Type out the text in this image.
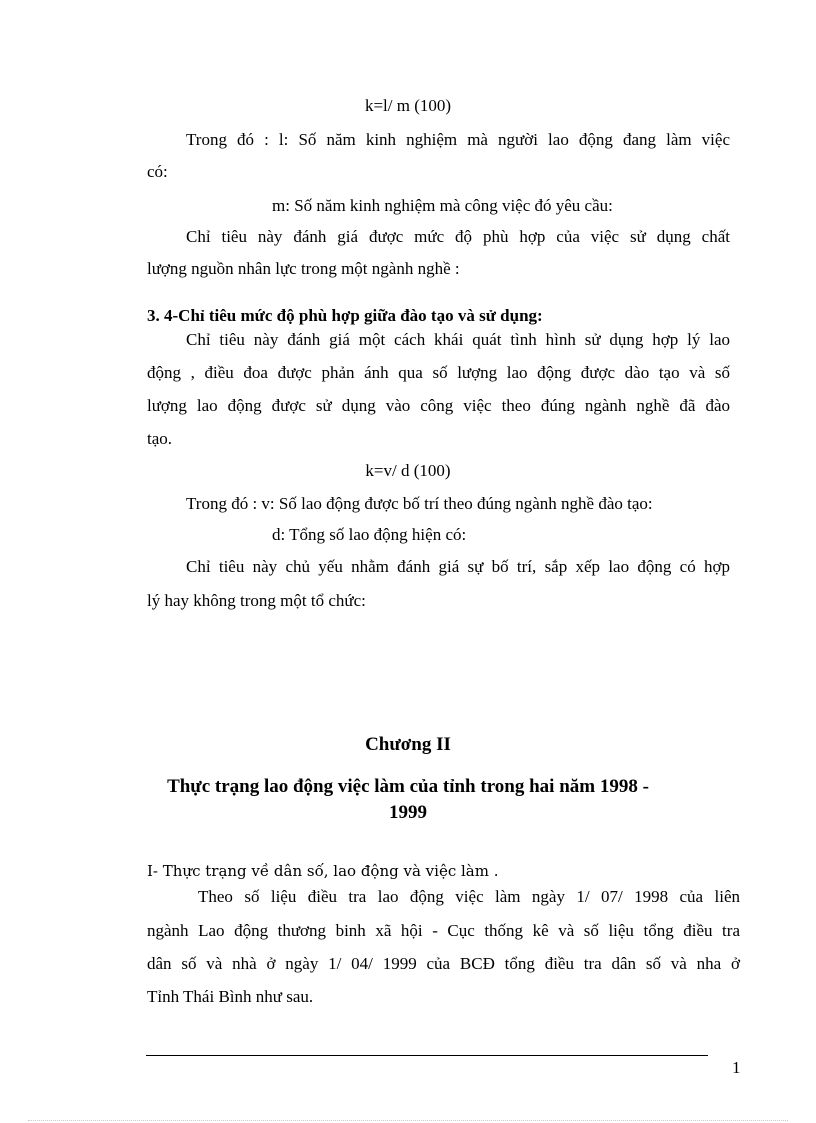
k=l/ m (100)
Trong đó : l: Số năm kinh nghiệm mà người lao động đang làm việc
có:
m: Số năm kinh nghiệm mà công việc đó yêu cầu:
Chỉ tiêu này đánh giá được mức độ phù hợp của việc sử dụng chất
lượng nguồn nhân lực trong một ngành nghề :
3. 4-Chỉ tiêu mức độ phù hợp giữa đào tạo và sử dụng:
Chỉ tiêu này đánh giá một cách khái quát tình hình sử dụng hợp lý lao
động , điều đoa được phản ánh qua số lượng lao động được dào tạo và số
lượng lao động được sử dụng vào công việc theo đúng ngành nghề đã đào
tạo.
k=v/ d (100)
Trong đó : v: Số lao động được bố trí theo đúng ngành nghề đào tạo:
d: Tổng số lao động hiện có:
Chỉ tiêu này chủ yếu nhằm đánh giá sự bố trí, sắp xếp lao động có hợp
lý hay không trong một tổ chức:
Chương II
Thực trạng lao động việc làm của tỉnh trong hai năm 1998 -
1999
I- Thực trạng về dân số, lao động và việc làm .
Theo số liệu điều tra lao động việc làm ngày 1/ 07/ 1998 của liên
ngành Lao động thương binh xã hội - Cục thống kê và số liệu tổng điều tra
dân số và nhà ở ngày 1/ 04/ 1999 của BCĐ tổng điều tra dân số và nha ở
Tỉnh Thái Bình như sau.
1
